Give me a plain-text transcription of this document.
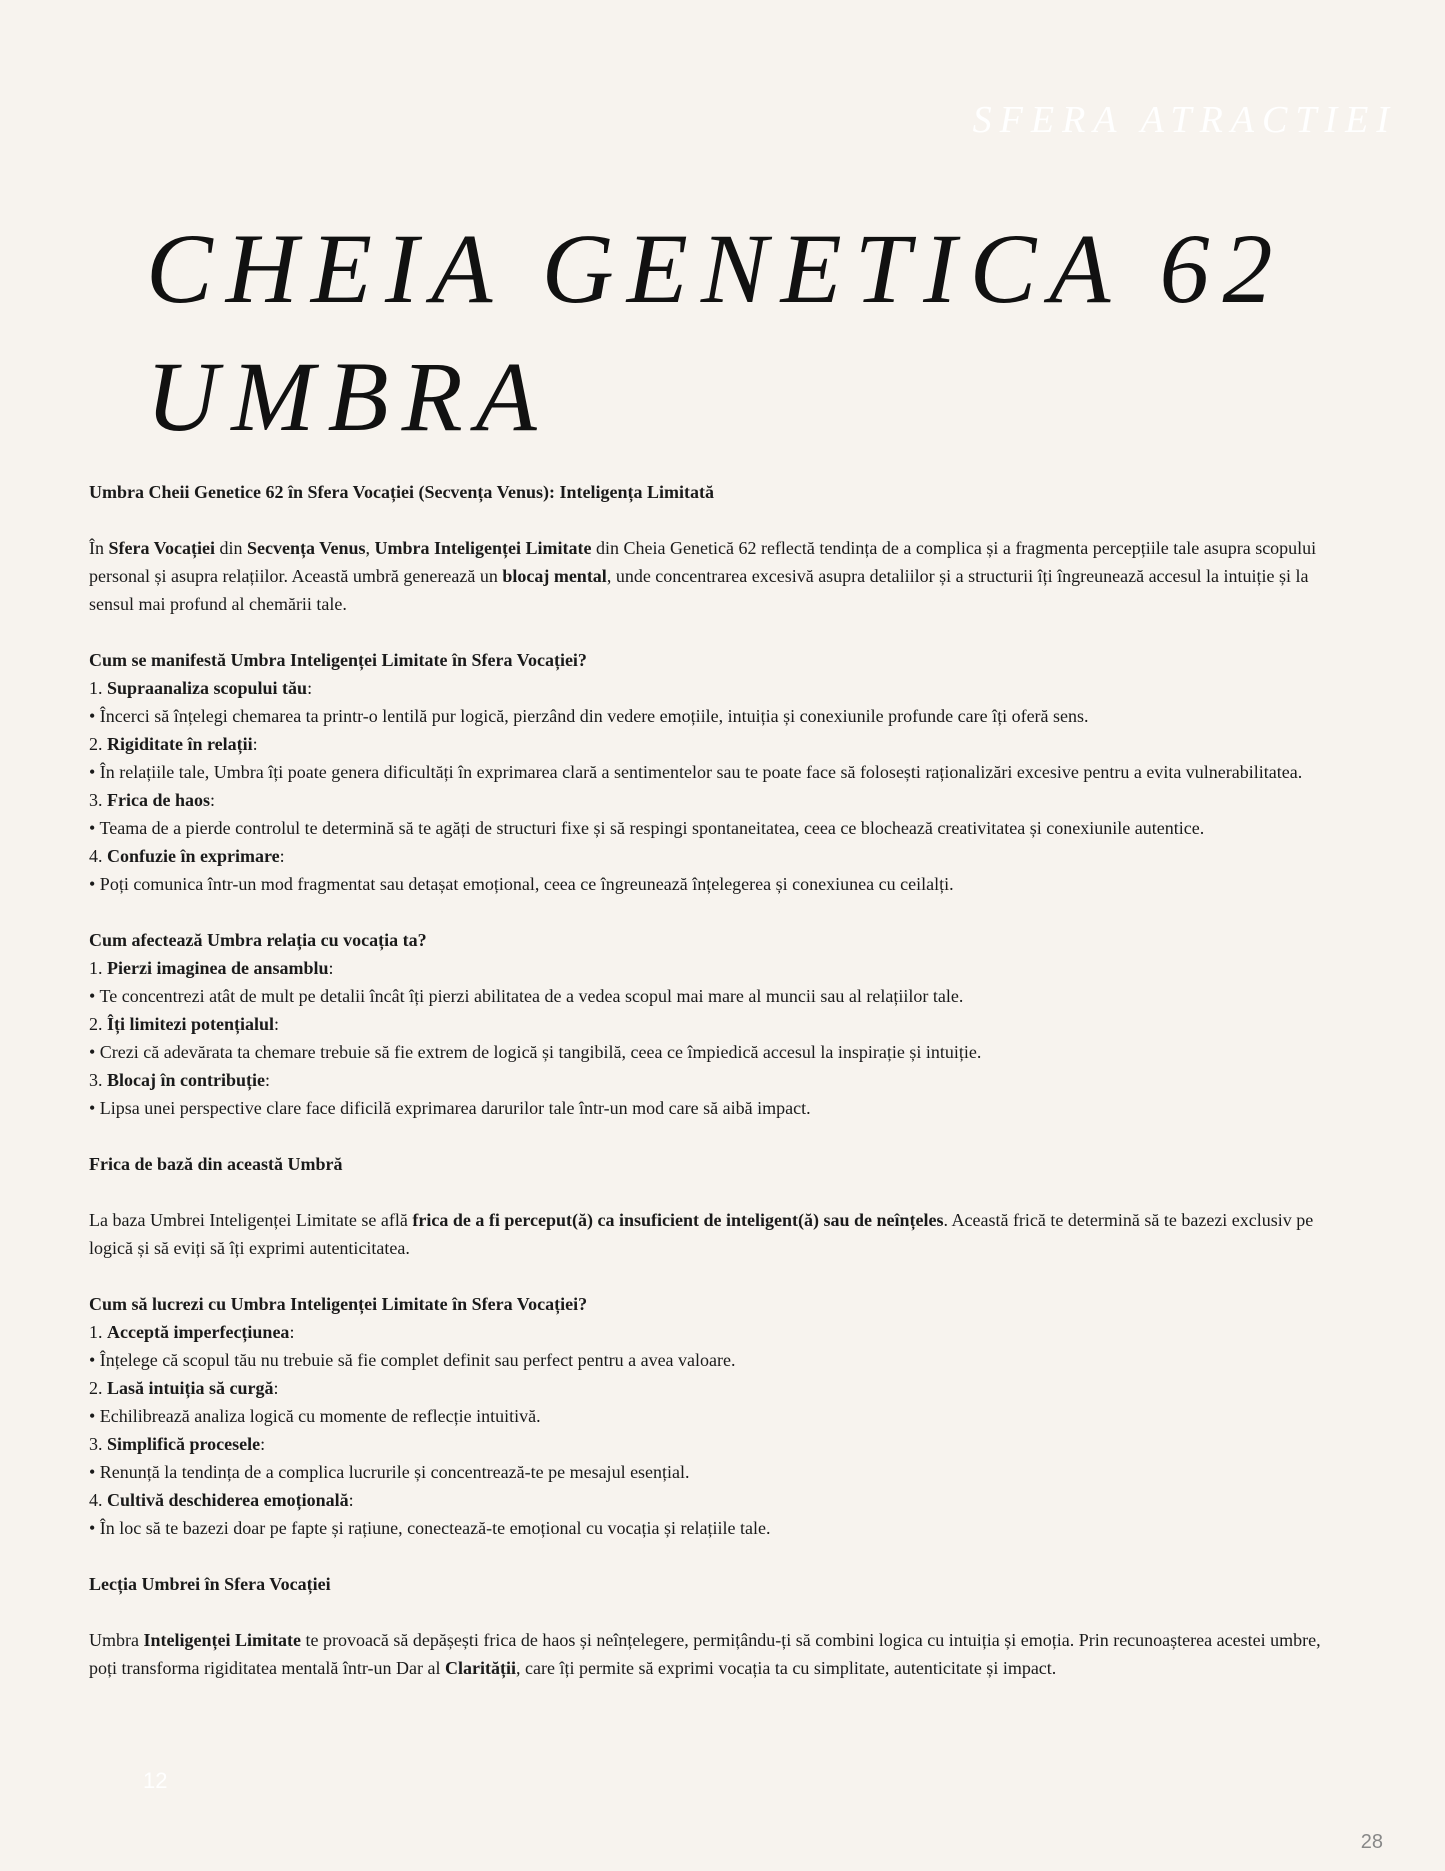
SFERA ATRACTIEI
CHEIA GENETICA 62
UMBRA

Umbra Cheii Genetice 62 în Sfera Vocației (Secvența Venus): Inteligența Limitată

În Sfera Vocației din Secvența Venus, Umbra Inteligenței Limitate din Cheia Genetică 62 reflectă tendința de a complica și a fragmenta percepțiile tale asupra scopului personal și asupra relațiilor. Această umbră generează un blocaj mental, unde concentrarea excesivă asupra detaliilor și a structurii îți îngreunează accesul la intuiție și la sensul mai profund al chemării tale.

Cum se manifestă Umbra Inteligenței Limitate în Sfera Vocației?

1. Supraanaliza scopului tău:

• Încerci să înțelegi chemarea ta printr-o lentilă pur logică, pierzând din vedere emoțiile, intuiția și conexiunile profunde care îți oferă sens.

2. Rigiditate în relații:

• În relațiile tale, Umbra îți poate genera dificultăți în exprimarea clară a sentimentelor sau te poate face să folosești raționalizări excesive pentru a evita vulnerabilitatea.

3. Frica de haos:

• Teama de a pierde controlul te determină să te agăți de structuri fixe și să respingi spontaneitatea, ceea ce blochează creativitatea și conexiunile autentice.

4. Confuzie în exprimare:

• Poți comunica într-un mod fragmentat sau detașat emoțional, ceea ce îngreunează înțelegerea și conexiunea cu ceilalți.

Cum afectează Umbra relația cu vocația ta?

1. Pierzi imaginea de ansamblu:

• Te concentrezi atât de mult pe detalii încât îți pierzi abilitatea de a vedea scopul mai mare al muncii sau al relațiilor tale.

2. Îți limitezi potențialul:

• Crezi că adevărata ta chemare trebuie să fie extrem de logică și tangibilă, ceea ce împiedică accesul la inspirație și intuiție.

3. Blocaj în contribuție:

• Lipsa unei perspective clare face dificilă exprimarea darurilor tale într-un mod care să aibă impact.

Frica de bază din această Umbră

La baza Umbrei Inteligenței Limitate se află frica de a fi perceput(ă) ca insuficient de inteligent(ă) sau de neînțeles. Această frică te determină să te bazezi exclusiv pe logică și să eviți să îți exprimi autenticitatea.

Cum să lucrezi cu Umbra Inteligenței Limitate în Sfera Vocației?

1. Acceptă imperfecțiunea:

• Înțelege că scopul tău nu trebuie să fie complet definit sau perfect pentru a avea valoare.

2. Lasă intuiția să curgă:

• Echilibrează analiza logică cu momente de reflecție intuitivă.

3. Simplifică procesele:

• Renunță la tendința de a complica lucrurile și concentrează-te pe mesajul esențial.

4. Cultivă deschiderea emoțională:

• În loc să te bazezi doar pe fapte și rațiune, conectează-te emoțional cu vocația și relațiile tale.

Lecția Umbrei în Sfera Vocației

Umbra Inteligenței Limitate te provoacă să depășești frica de haos și neînțelegere, permițându-ți să combini logica cu intuiția și emoția. Prin recunoașterea acestei umbre, poți transforma rigiditatea mentală într-un Dar al Clarității, care îți permite să exprimi vocația ta cu simplitate, autenticitate și impact.

12
28
